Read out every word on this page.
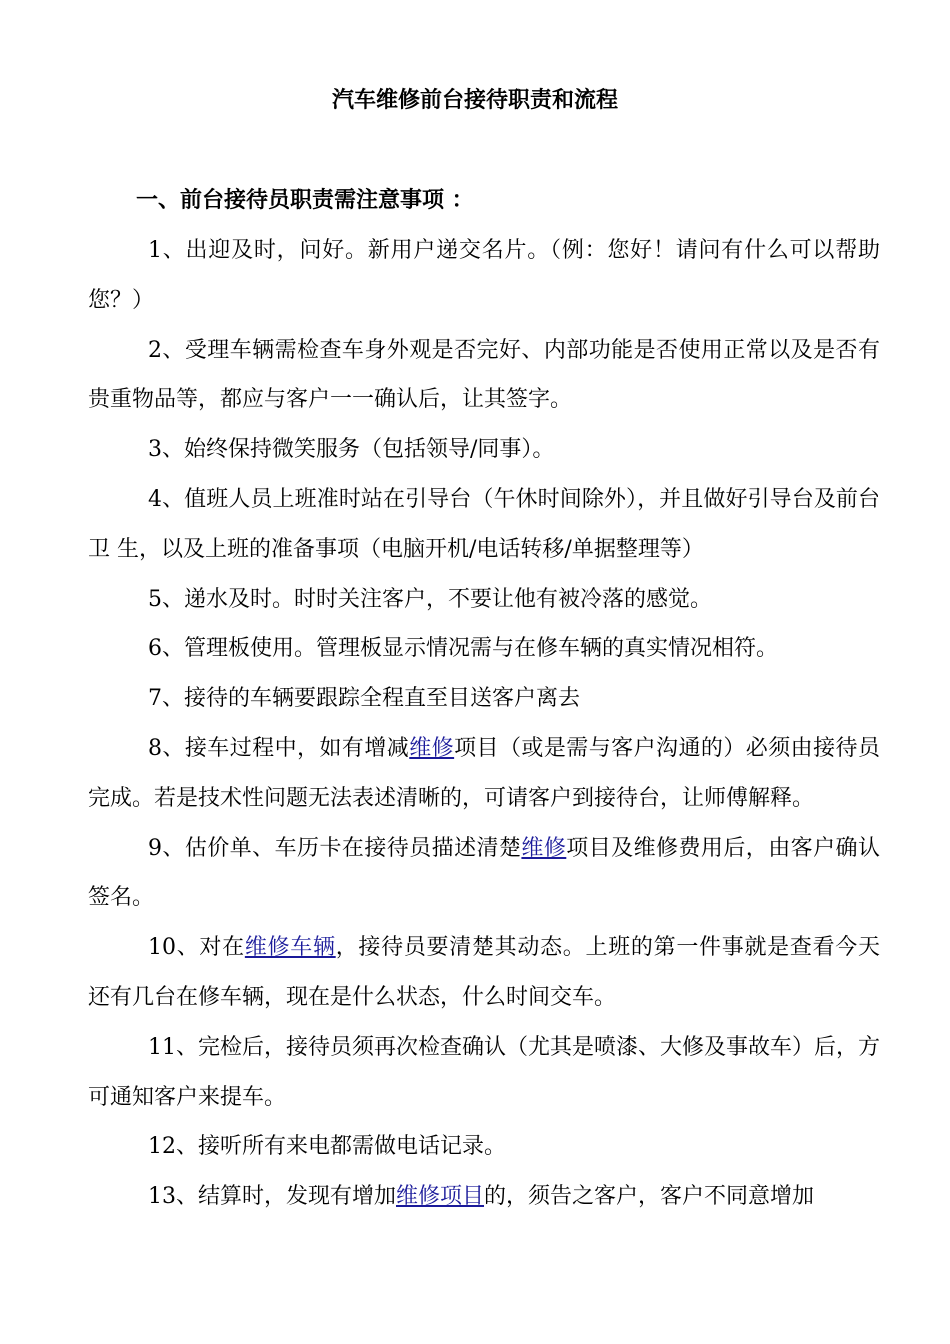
汽车维修前台接待职责和流程
一、前台接待员职责需注意事项 ：

1、出迎及时，问好。新用户递交名片。（例：您好！请问有什么可以帮助您？）

2、受理车辆需检查车身外观是否完好、内部功能是否使用正常以及是否有贵重物品等，都应与客户一一确认后，让其签字。

3、始终保持微笑服务（包括领导/同事）。

4、值班人员上班准时站在引导台（午休时间除外），并且做好引导台及前台卫 生，以及上班的准备事项（电脑开机/电话转移/单据整理等）

5、递水及时。时时关注客户，不要让他有被冷落的感觉。

6、管理板使用。管理板显示情况需与在修车辆的真实情况相符。

7、接待的车辆要跟踪全程直至目送客户离去

8、接车过程中，如有增减维修项目（或是需与客户沟通的）必须由接待员完成。若是技术性问题无法表述清晰的，可请客户到接待台，让师傅解释。

9、估价单、车历卡在接待员描述清楚维修项目及维修费用后，由客户确认签名。

10、对在维修车辆，接待员要清楚其动态。上班的第一件事就是查看今天还有几台在修车辆，现在是什么状态，什么时间交车。

11、完检后，接待员须再次检查确认（尤其是喷漆、大修及事故车）后，方可通知客户来提车。

12、接听所有来电都需做电话记录。

13、结算时，发现有增加维修项目的，须告之客户，客户不同意增加
